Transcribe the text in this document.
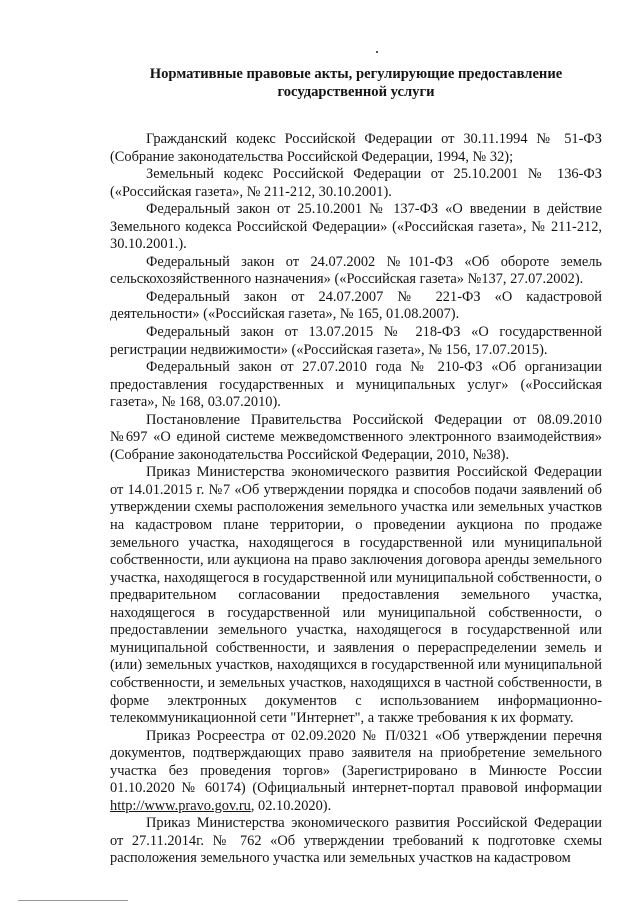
Нормативные правовые акты, регулирующие предоставление
государственной услуги

Гражданский кодекс Российской Федерации от 30.11.1994 № 51-ФЗ (Собрание законодательства Российской Федерации, 1994, № 32);

Земельный кодекс Российской Федерации от 25.10.2001 № 136-ФЗ («Российская газета», № 211-212, 30.10.2001).

Федеральный закон от 25.10.2001 № 137-ФЗ «О введении в действие Земельного кодекса Российской Федерации» («Российская газета», № 211-212, 30.10.2001.).

Федеральный закон от 24.07.2002 №101-ФЗ «Об обороте земель сельскохозяйственного назначения» («Российская газета» №137, 27.07.2002).

Федеральный закон от 24.07.2007 № 221-ФЗ «О кадастровой деятельности» («Российская газета», № 165, 01.08.2007).

Федеральный закон от 13.07.2015 № 218-ФЗ «О государственной регистрации недвижимости» («Российская газета», № 156, 17.07.2015).

Федеральный закон от 27.07.2010 года № 210-ФЗ «Об организации предоставления государственных и муниципальных услуг» («Российская газета», № 168, 03.07.2010).

Постановление Правительства Российской Федерации от 08.09.2010 №697 «О единой системе межведомственного электронного взаимодействия» (Собрание законодательства Российской Федерации, 2010, №38).

Приказ Министерства экономического развития Российской Федерации от 14.01.2015 г. №7 «Об утверждении порядка и способов подачи заявлений об утверждении схемы расположения земельного участка или земельных участков на кадастровом плане территории, о проведении аукциона по продаже земельного участка, находящегося в государственной или муниципальной собственности, или аукциона на право заключения договора аренды земельного участка, находящегося в государственной или муниципальной собственности, о предварительном согласовании предоставления земельного участка, находящегося в государственной или муниципальной собственности, о предоставлении земельного участка, находящегося в государственной или муниципальной собственности, и заявления о перераспределении земель и (или) земельных участков, находящихся в государственной или муниципальной собственности, и земельных участков, находящихся в частной собственности, в форме электронных документов с использованием информационно-телекоммуникационной сети "Интернет", а также требования к их формату.

Приказ Росреестра от 02.09.2020 № П/0321 «Об утверждении перечня документов, подтверждающих право заявителя на приобретение земельного участка без проведения торгов» (Зарегистрировано в Минюсте России 01.10.2020 № 60174) (Официальный интернет-портал правовой информации http://www.pravo.gov.ru, 02.10.2020).

Приказ Министерства экономического развития Российской Федерации от 27.11.2014г. № 762 «Об утверждении требований к подготовке схемы расположения земельного участка или земельных участков на кадастровом
